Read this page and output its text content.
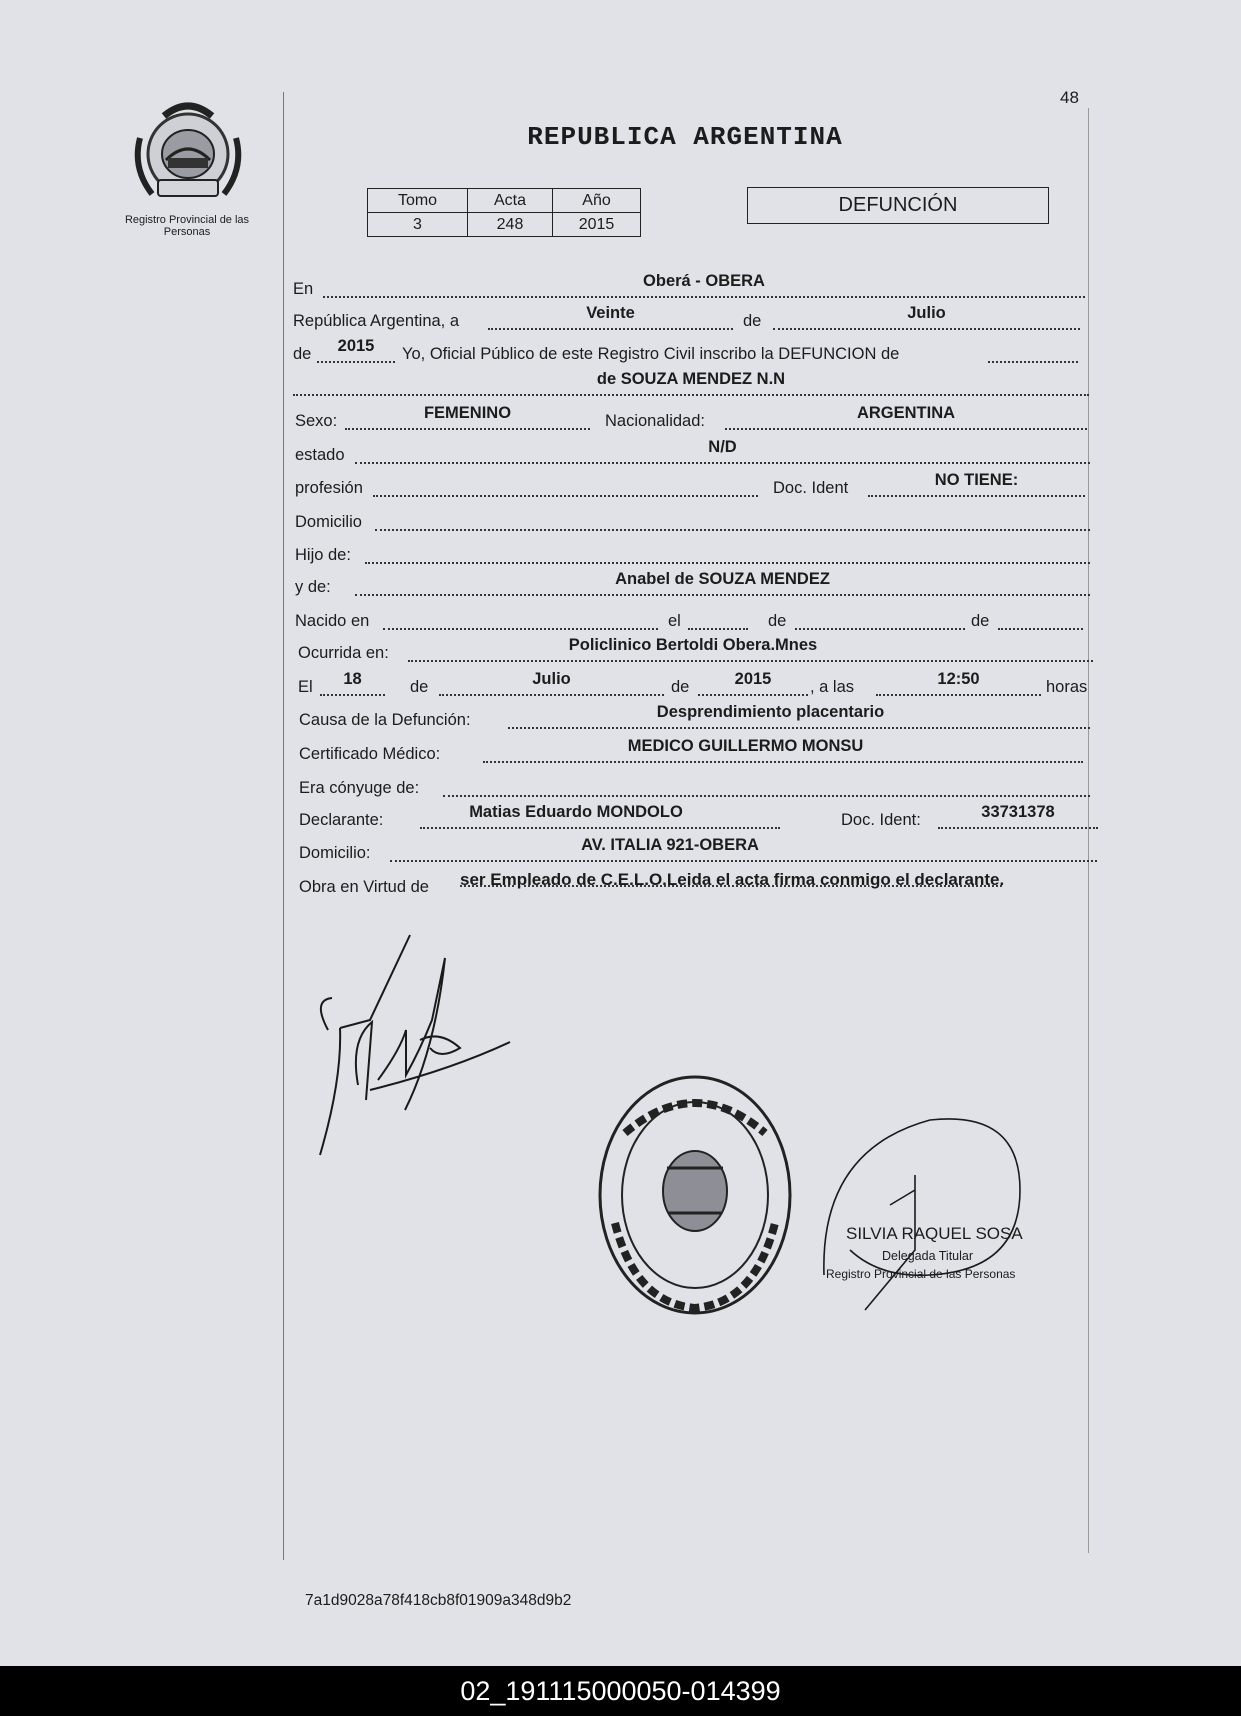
48
Registro Provincial de las Personas
REPUBLICA ARGENTINA
Tomo	Acta	Año
3	248	2015
DEFUNCIÓN
En	Oberá - OBERA
República Argentina, a	Veinte	de	Julio
de	2015	Yo, Oficial Público de este Registro Civil inscribo la DEFUNCION de
de SOUZA MENDEZ N.N
Sexo:	FEMENINO	Nacionalidad:	ARGENTINA
estado	N/D
profesión	Doc. Ident	NO TIENE:
Domicilio
Hijo de:
y de:	Anabel de SOUZA MENDEZ
Nacido en	el	de	de
Ocurrida en:	Policlinico Bertoldi Obera.Mnes
El	18	de	Julio	de	2015	, a las	12:50	horas
Causa de la Defunción:	Desprendimiento placentario
Certificado Médico:	MEDICO GUILLERMO MONSU
Era cónyuge de:
Declarante:	Matias Eduardo MONDOLO	Doc. Ident:	33731378
Domicilio:	AV. ITALIA 921-OBERA
Obra en Virtud de ser Empleado de C.E.L.O.Leida el acta firma conmigo el declarante.
SILVIA RAQUEL SOSA
Delegada Titular
Registro Provincial de las Personas
7a1d9028a78f418cb8f01909a348d9b2
02_191115000050-014399
